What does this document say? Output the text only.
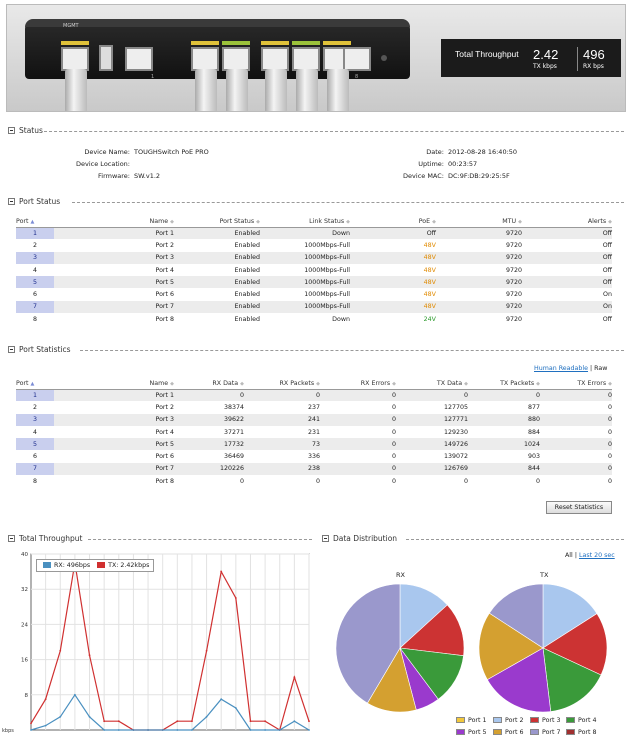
MGMT
1	8
Total Throughput 2.42
TX kbps
496
RX bps
Status
Device Name: TOUGHSwitch PoE PRO
Device Location:
Firmware: SW.v1.2
Date: 2012-08-28 16:40:50
Uptime: 00:23:57
Device MAC: DC:9F:DB:29:25:5F
Port Status
Port ▲	Name ◆	Port Status ◆	Link Status ◆	PoE ◆	MTU ◆	Alerts ◆
1	Port 1	Enabled	Down	Off	9720	Off
2	Port 2	Enabled	1000Mbps-Full	48V	9720	Off
3	Port 3	Enabled	1000Mbps-Full	48V	9720	Off
4	Port 4	Enabled	1000Mbps-Full	48V	9720	Off
5	Port 5	Enabled	1000Mbps-Full	48V	9720	Off
6	Port 6	Enabled	1000Mbps-Full	48V	9720	On
7	Port 7	Enabled	1000Mbps-Full	48V	9720	On
8	Port 8	Enabled	Down	24V	9720	Off
Port Statistics
Human Readable | Raw
Port ▲	Name ◆	RX Data ◆	RX Packets ◆	RX Errors ◆	TX Data ◆	TX Packets ◆	TX Errors ◆
1	Port 1	0	0	0	0	0	0
2	Port 2	38374	237	0	127705	877	0
3	Port 3	39622	241	0	127771	880	0
4	Port 4	37271	231	0	129230	884	0
5	Port 5	17732	73	0	149726	1024	0
6	Port 6	36469	336	0	139072	903	0
7	Port 7	120226	238	0	126769	844	0
8	Port 8	0	0	0	0	0	0
Reset Statistics
Total Throughput
8
16
24
32
40
kbps
RX: 496bps	TX: 2.42kbps
Data Distribution
All | Last 20 sec
RX	TX
Port 1	Port 2	Port 3	Port 4
Port 5	Port 6	Port 7	Port 8
